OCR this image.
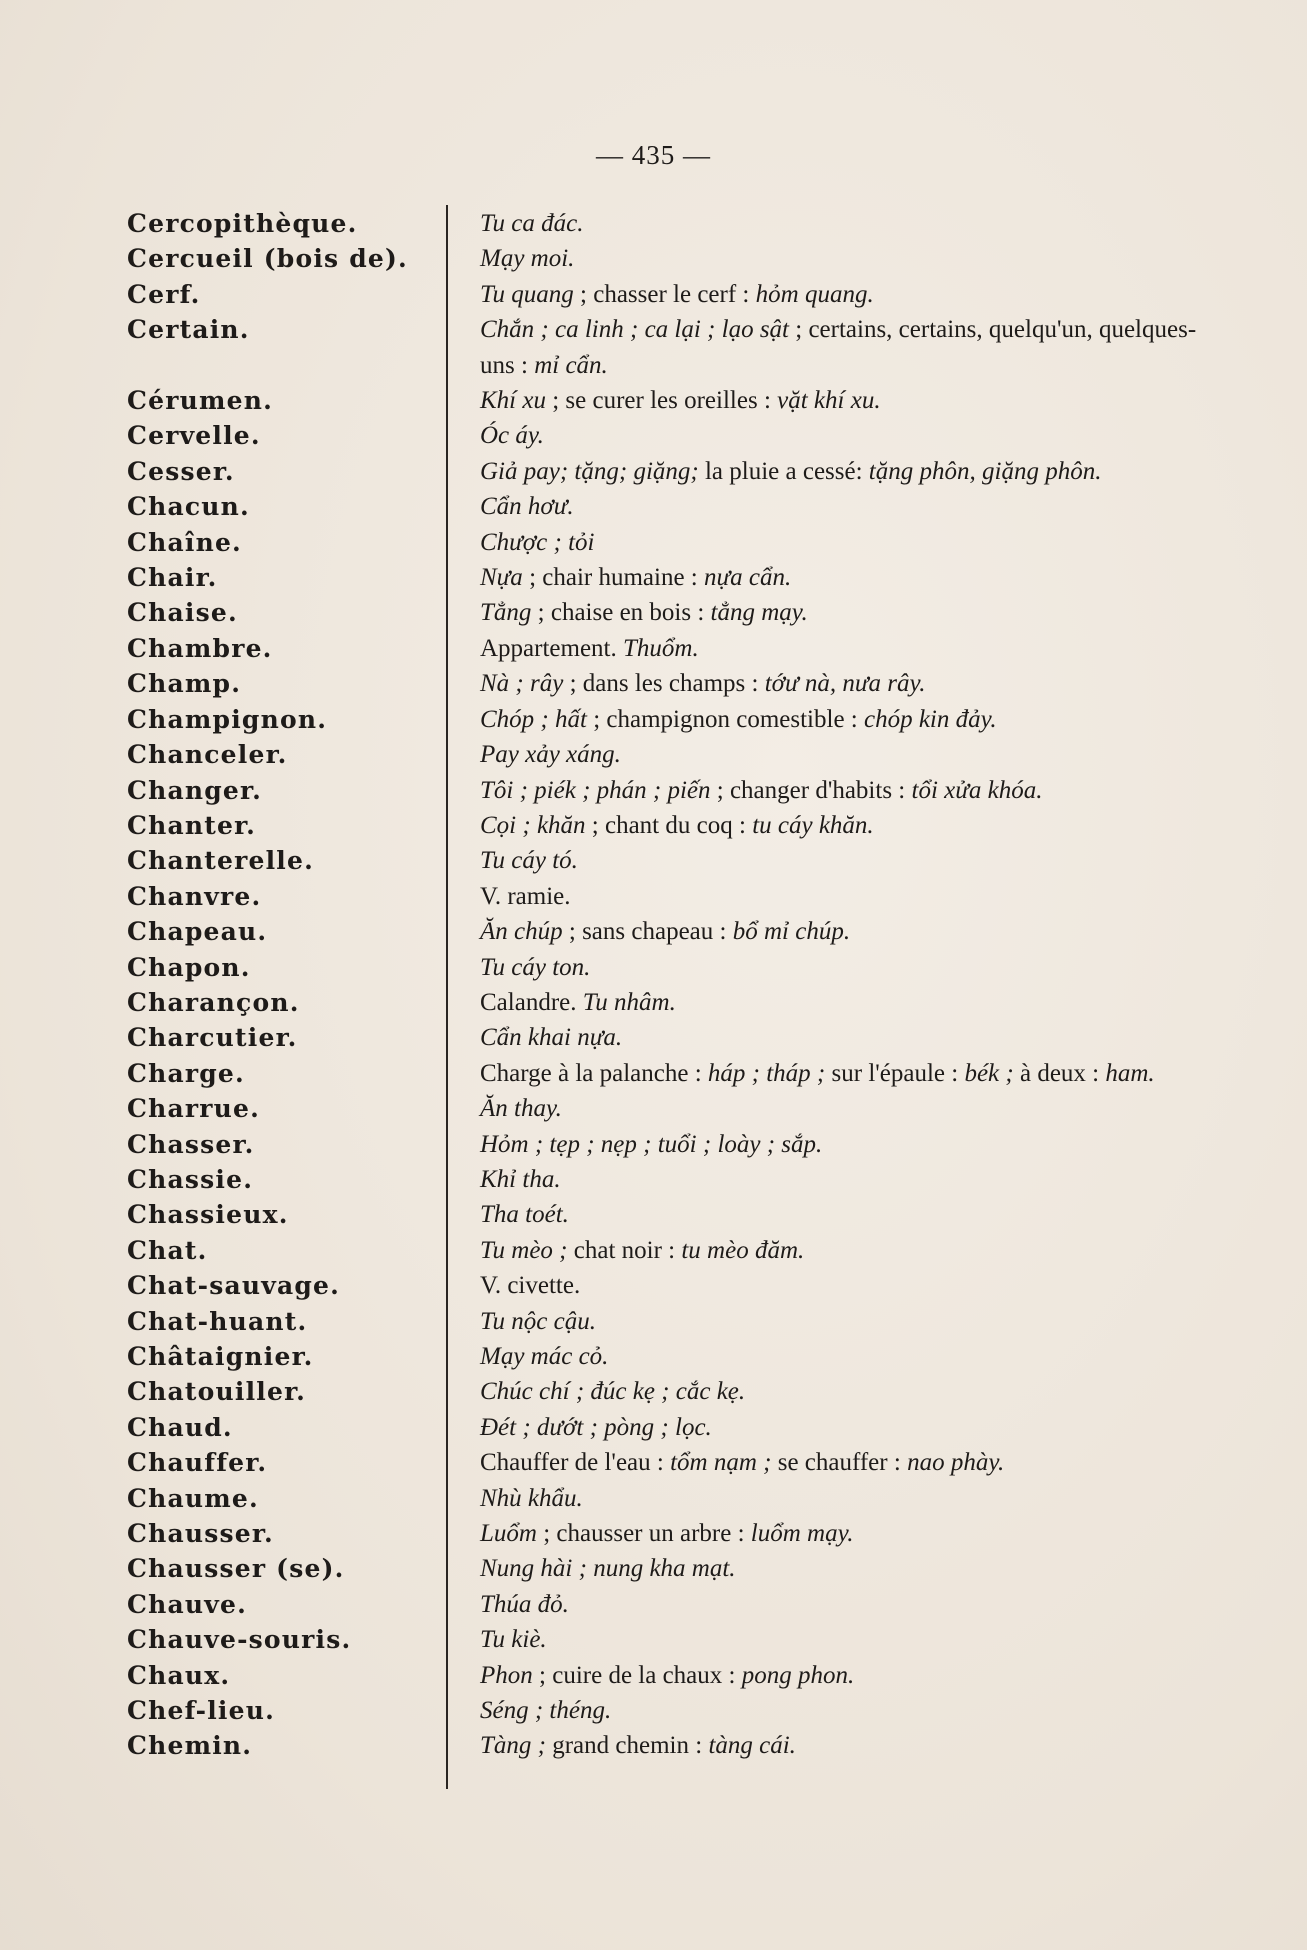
— 435 —
Cercopithèque.	Tu ca đác.
Cercueil (bois de).	Mạy moi.
Cerf.	Tu quang ; chasser le cerf : hỏm quang.
Certain.	Chắn ; ca linh ; ca lại ; lạo sật ; certains, certains, quelqu'un, quelques-uns : mỉ cẩn.
Cérumen.	Khí xu ; se curer les oreilles : vặt khí xu.
Cervelle.	Óc áy.
Cesser.	Giả pay; tặng; giặng; la pluie a cessé: tặng phôn, giặng phôn.
Chacun.	Cẩn hơư.
Chaîne.	Chược ; tỏi
Chair.	Nựa ; chair humaine : nựa cẩn.
Chaise.	Tẳng ; chaise en bois : tẳng mạy.
Chambre.	Appartement. Thuổm.
Champ.	Nà ; rây ; dans les champs : tớư nà, nưa rây.
Champignon.	Chóp ; hất ; champignon comestible : chóp kin đảy.
Chanceler.	Pay xảy xáng.
Changer.	Tôi ; piék ; phán ; piến ; changer d'habits : tổi xửa khóa.
Chanter.	Cọi ; khăn ; chant du coq : tu cáy khăn.
Chanterelle.	Tu cáy tó.
Chanvre.	V. ramie.
Chapeau.	Ăn chúp ; sans chapeau : bổ mỉ chúp.
Chapon.	Tu cáy ton.
Charançon.	Calandre. Tu nhâm.
Charcutier.	Cẩn khai nựa.
Charge.	Charge à la palanche : háp ; tháp ; sur l'épaule : bék ; à deux : ham.
Charrue.	Ăn thay.
Chasser.	Hỏm ; tẹp ; nẹp ; tuổi ; loày ; sắp.
Chassie.	Khỉ tha.
Chassieux.	Tha toét.
Chat.	Tu mèo ; chat noir : tu mèo đăm.
Chat-sauvage.	V. civette.
Chat-huant.	Tu nộc cậu.
Châtaignier.	Mạy mác cỏ.
Chatouiller.	Chúc chí ; đúc kẹ ; cắc kẹ.
Chaud.	Đét ; dướt ; pòng ; lọc.
Chauffer.	Chauffer de l'eau : tổm nạm ; se chauffer : nao phày.
Chaume.	Nhù khẩu.
Chausser.	Luổm ; chausser un arbre : luổm mạy.
Chausser (se).	Nung hài ; nung kha mạt.
Chauve.	Thúa đỏ.
Chauve-souris.	Tu kiè.
Chaux.	Phon ; cuire de la chaux : pong phon.
Chef-lieu.	Séng ; théng.
Chemin.	Tàng ; grand chemin : tàng cái.
